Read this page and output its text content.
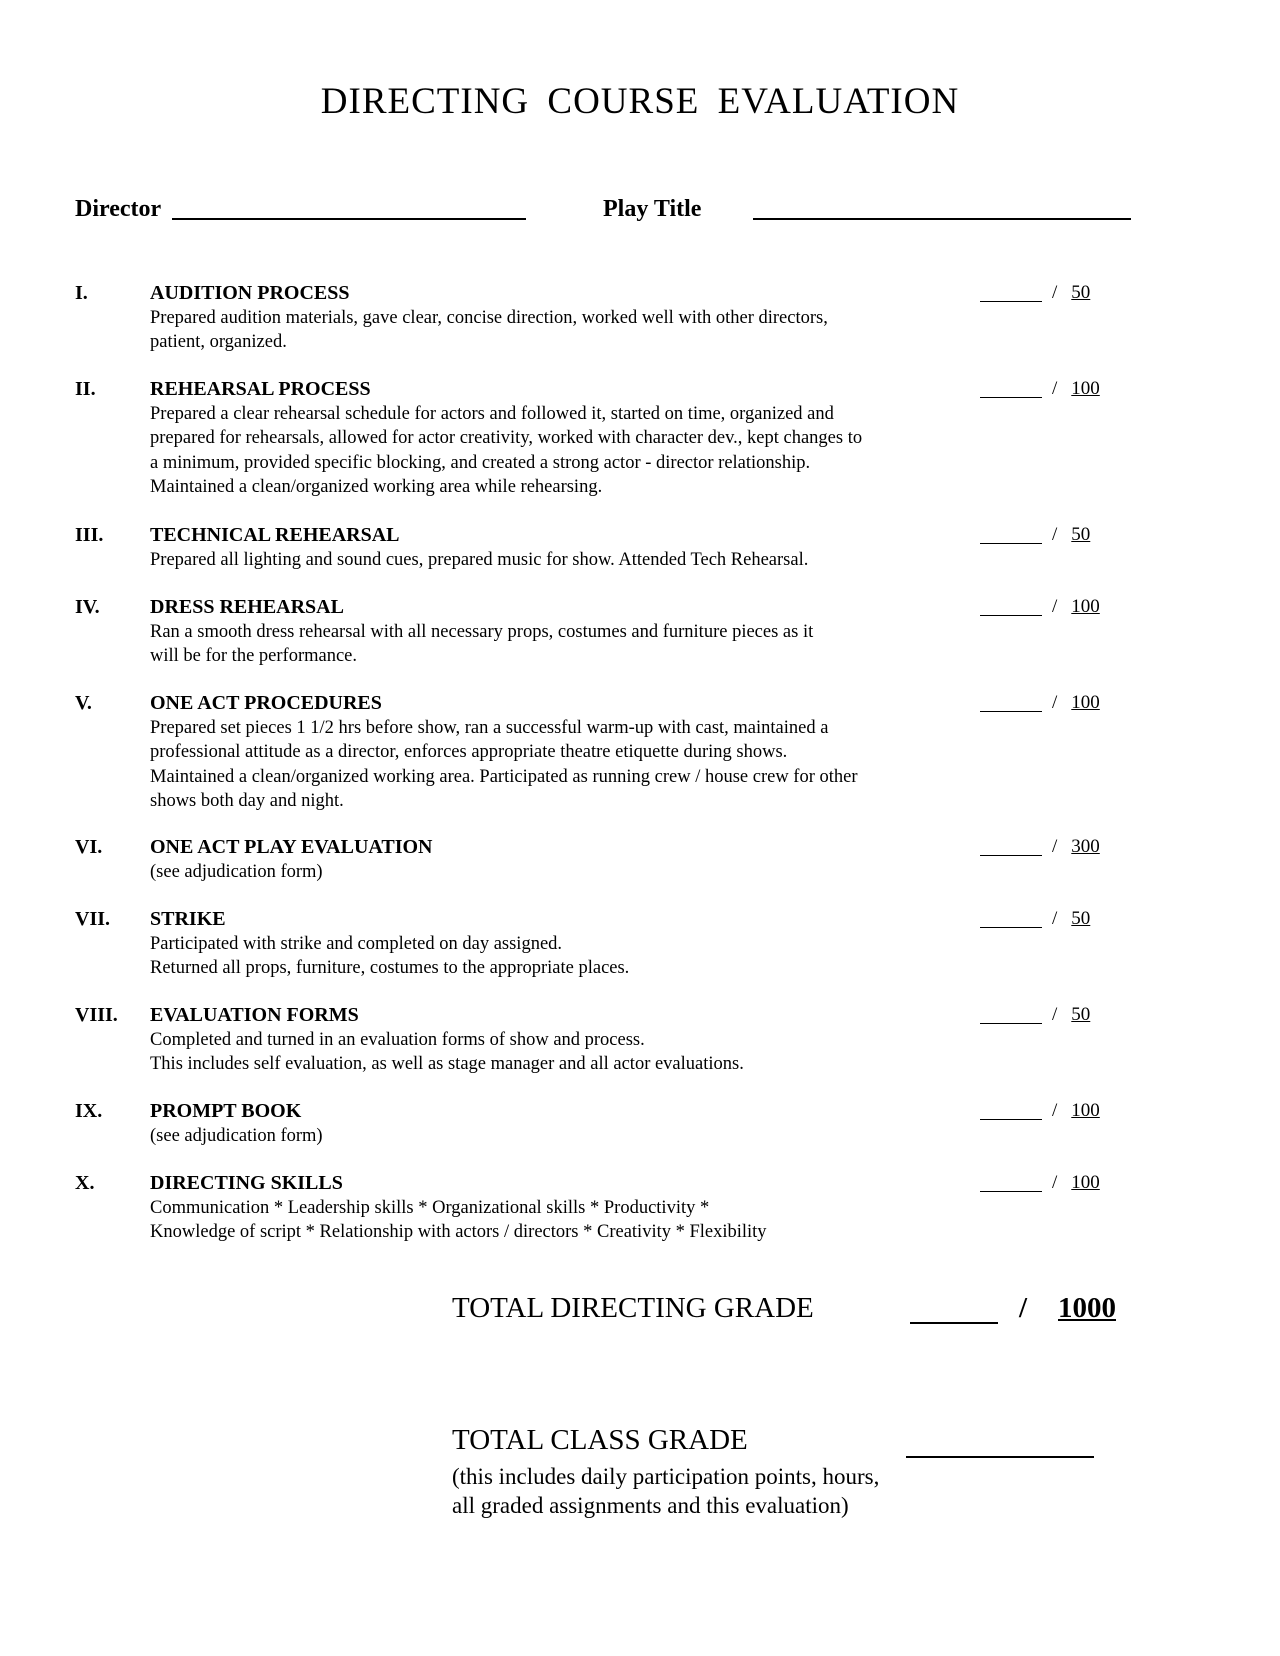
DIRECTING COURSE EVALUATION
Director	Play Title
I.	AUDITION PROCESS
Prepared audition materials, gave clear, concise direction, worked well with other directors,
patient, organized.
/ 50
II.	REHEARSAL PROCESS
Prepared a clear rehearsal schedule for actors and followed it, started on time, organized and
prepared for rehearsals, allowed for actor creativity, worked with character dev., kept changes to
a minimum, provided specific blocking, and created a strong actor - director relationship.
Maintained a clean/organized working area while rehearsing.
/ 100
III. TECHNICAL REHEARSAL
Prepared all lighting and sound cues, prepared music for show. Attended Tech Rehearsal.
/ 50
IV.	DRESS REHEARSAL
Ran a smooth dress rehearsal with all necessary props, costumes and furniture pieces as it
will be for the performance.
/ 100
V.	ONE ACT PROCEDURES
Prepared set pieces 1 1/2 hrs before show, ran a successful warm-up with cast, maintained a
professional attitude as a director, enforces appropriate theatre etiquette during shows.
Maintained a clean/organized working area. Participated as running crew / house crew for other
shows both day and night.
/ 100
VI. ONE ACT PLAY EVALUATION
(see adjudication form)
/ 300
VII. STRIKE
Participated with strike and completed on day assigned.
Returned all props, furniture, costumes to the appropriate places.
/ 50
VIII. EVALUATION FORMS
Completed and turned in an evaluation forms of show and process.
This includes self evaluation, as well as stage manager and all actor evaluations.
/ 50
IX. PROMPT BOOK
(see adjudication form)
/ 100
X.	DIRECTING SKILLS
Communication * Leadership skills * Organizational skills * Productivity *
Knowledge of script * Relationship with actors / directors * Creativity * Flexibility
/ 100
TOTAL DIRECTING GRADE	/	1000
TOTAL CLASS GRADE
(this includes daily participation points, hours,
all graded assignments and this evaluation)
